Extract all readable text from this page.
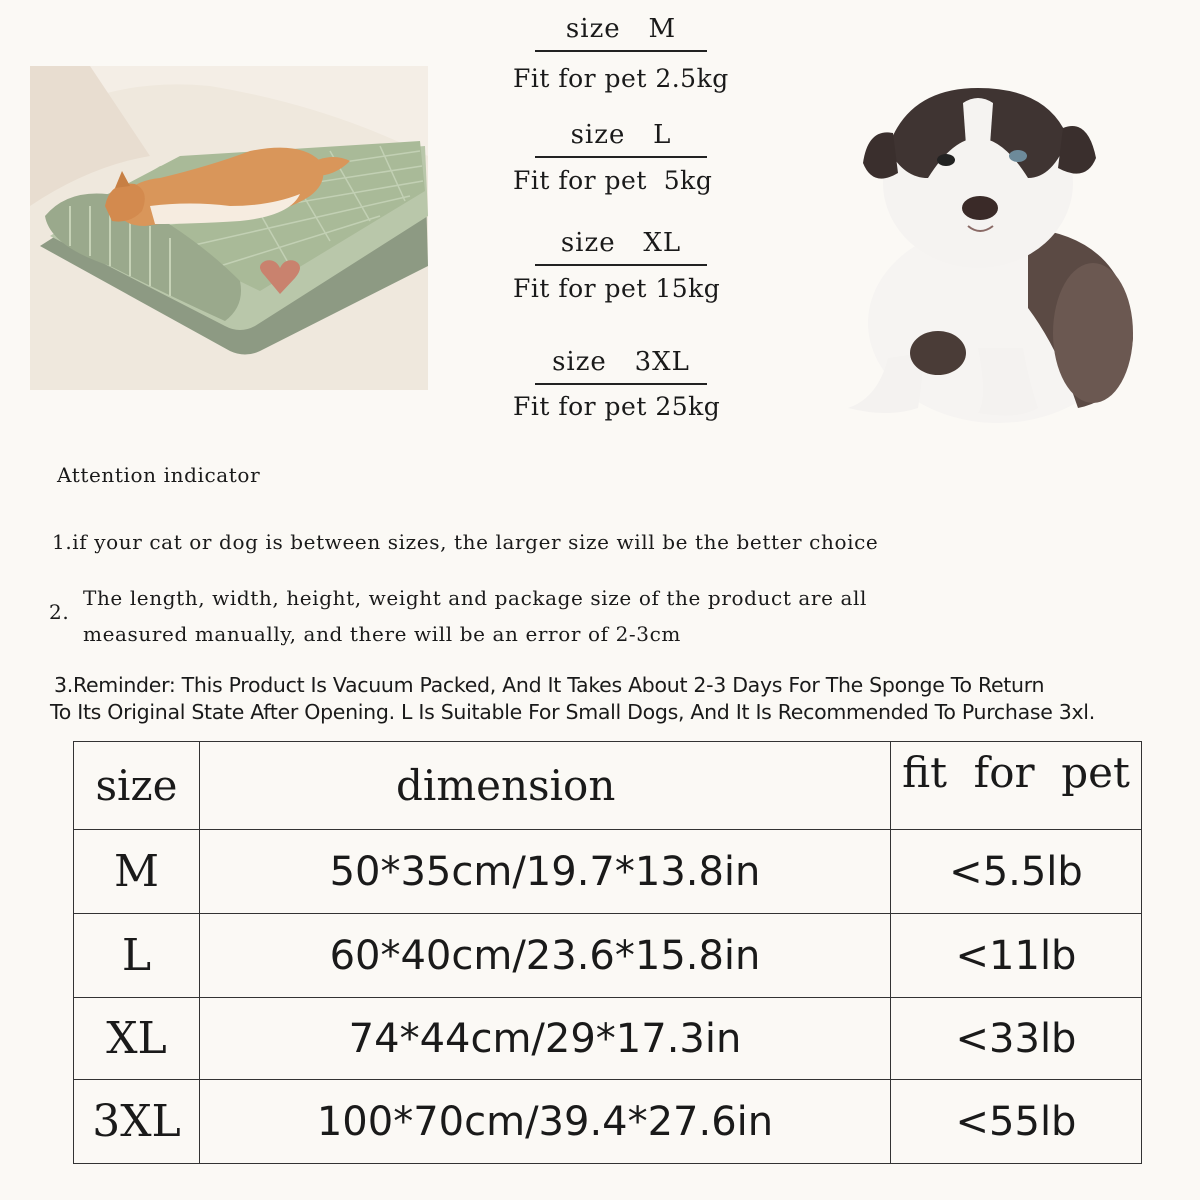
size   M
Fit for pet 2.5kg
size   L
Fit for pet  5kg
size   XL
Fit for pet 15kg
size   3XL
Fit for pet 25kg
Attention indicator
1.if your cat or dog is between sizes, the larger size will be the better choice
2.
The length, width, height, weight and package size of the product are all
measured manually, and there will be an error of 2-3cm
3.Reminder: This Product Is Vacuum Packed, And It Takes About 2-3 Days For The Sponge To Return
To Its Original State After Opening. L Is Suitable For Small Dogs, And It Is Recommended To Purchase 3xl.
size	dimension	fit  for  pet
M	50*35cm/19.7*13.8in	<5.5lb
L	60*40cm/23.6*15.8in	<11lb
XL	74*44cm/29*17.3in	<33lb
3XL	100*70cm/39.4*27.6in	<55lb
